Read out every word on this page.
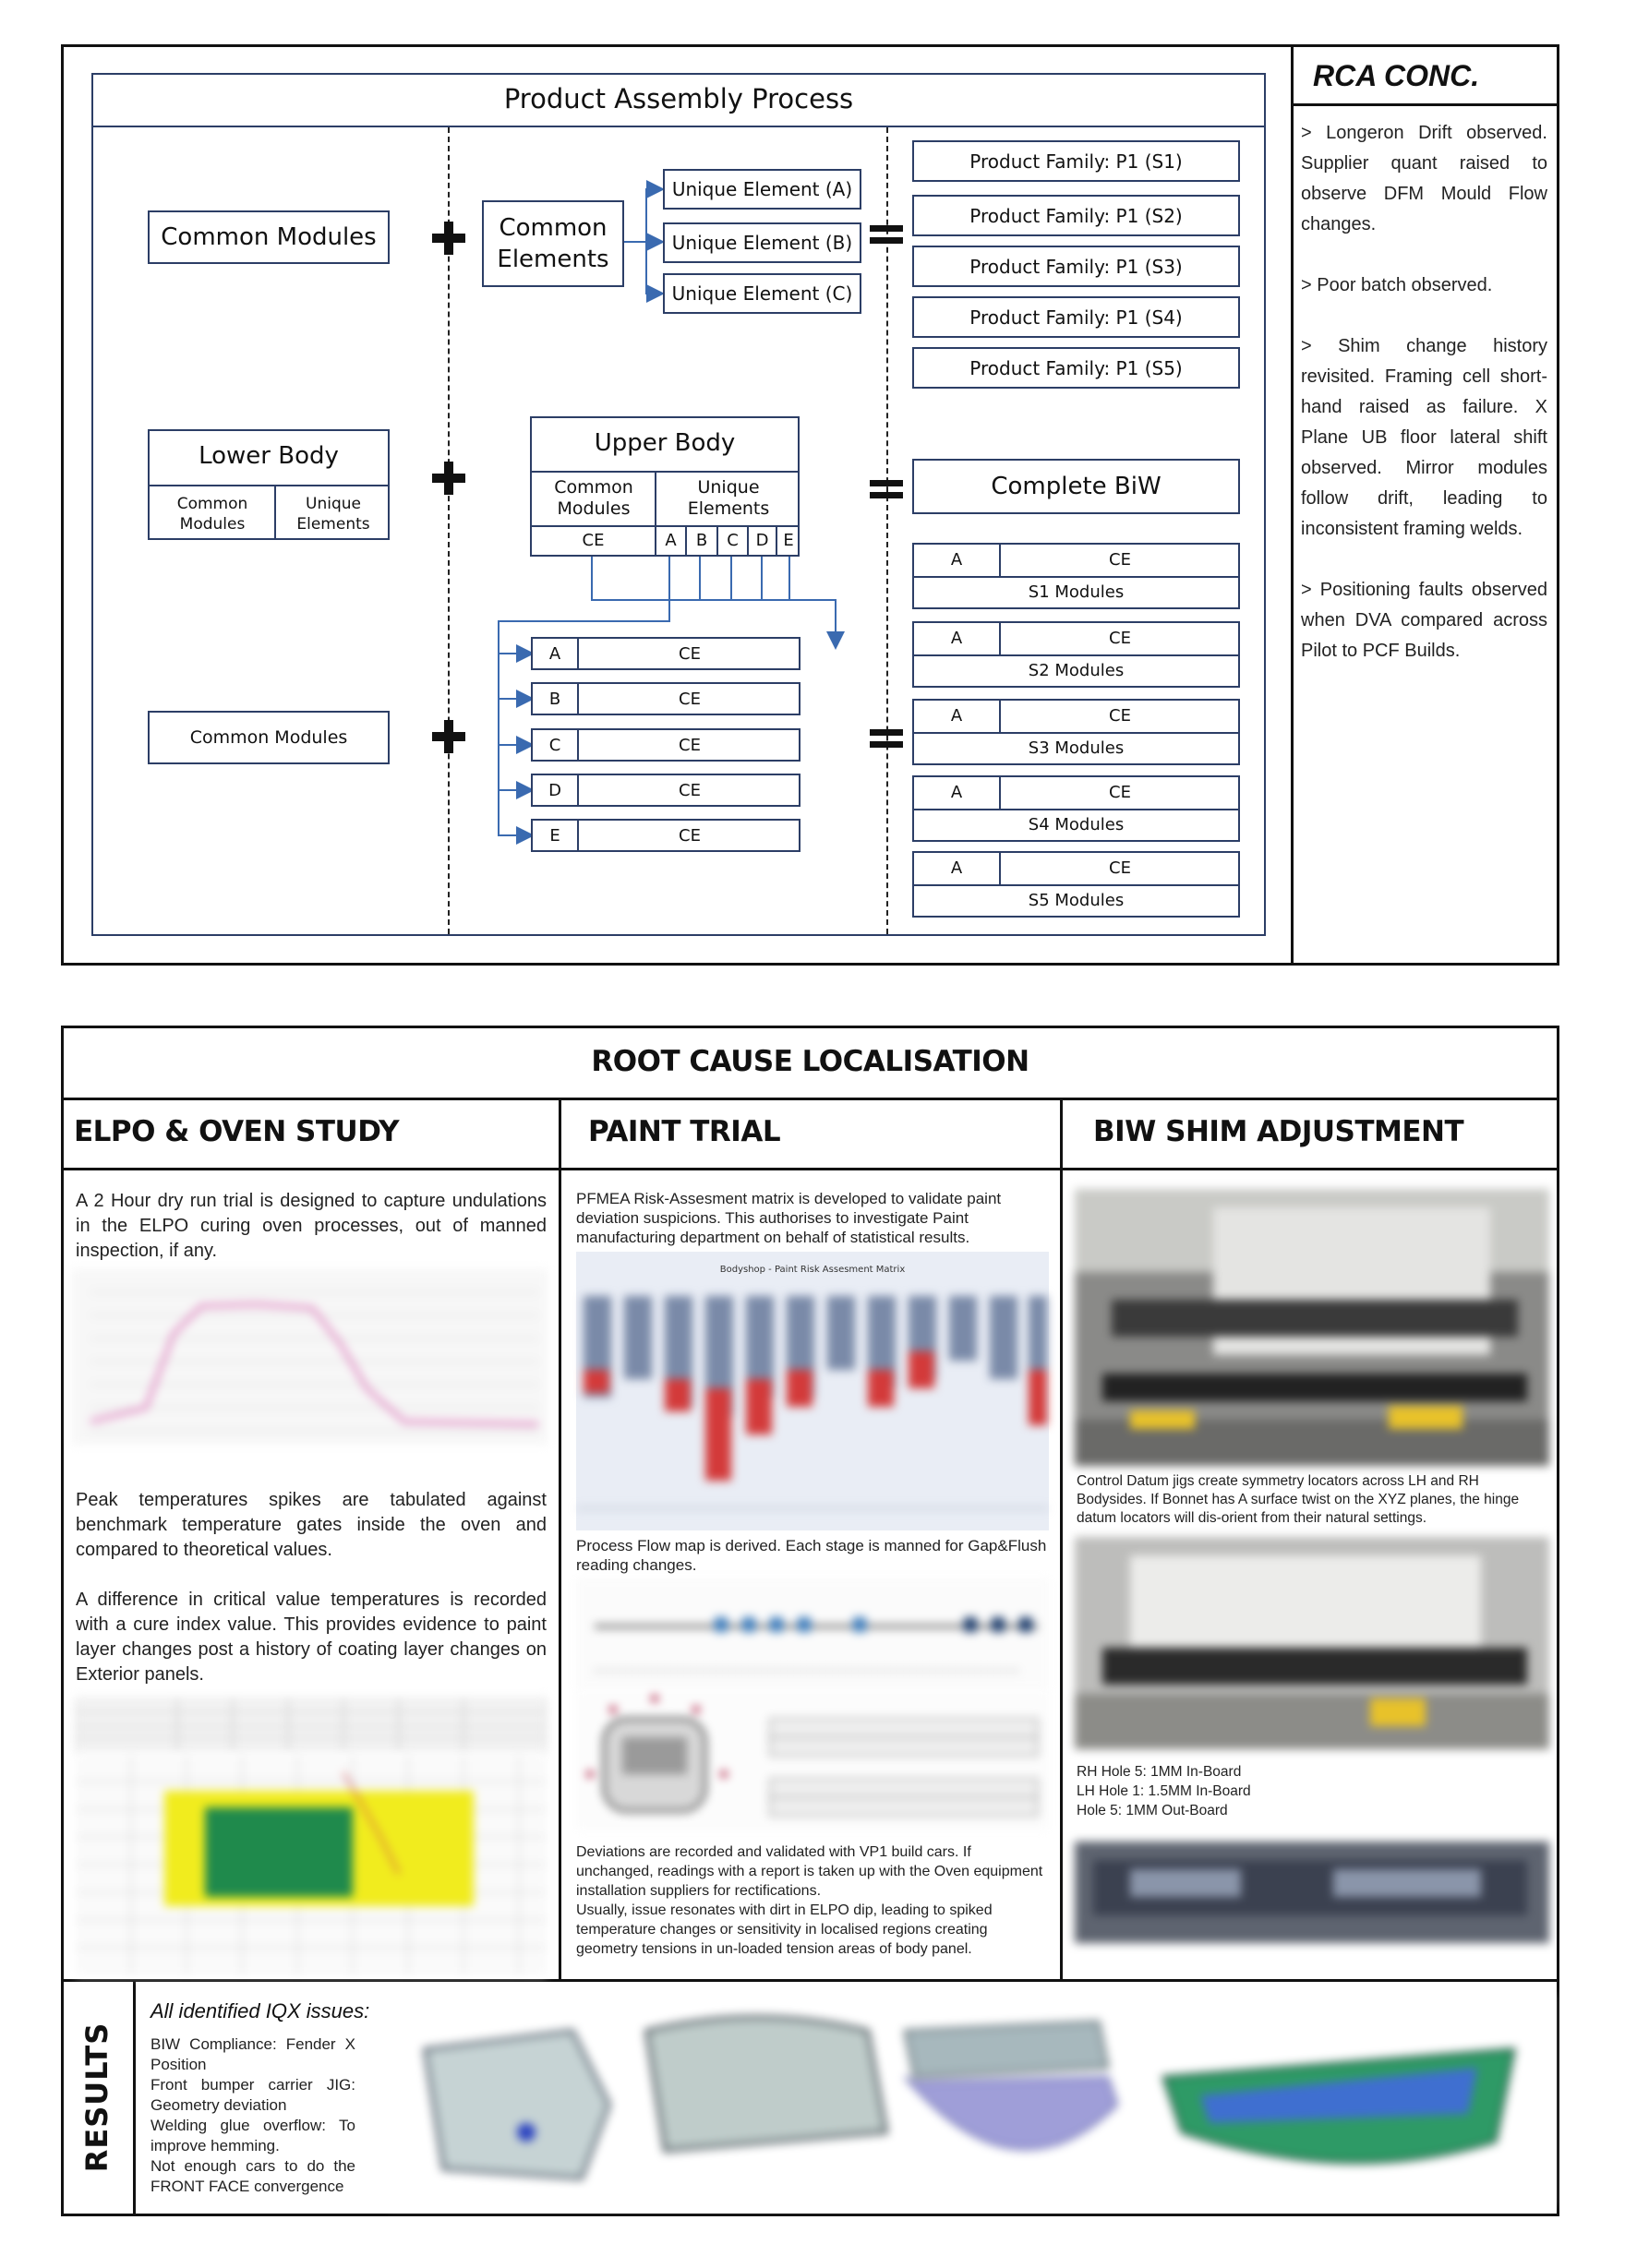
RCA CONC.

> Longeron Drift observed. Supplier quant raised to observe DFM Mould Flow changes.

> Poor batch observed.

> Shim change history revisited. Framing cell short-hand raised as failure. X Plane UB floor lateral shift observed. Mirror modules follow drift, leading to inconsistent framing welds.

> Positioning faults observed when DVA compared across Pilot to PCF Builds.

Product Assembly Process
Common Modules	Common Elements
Unique Element (A)
Unique Element (B)
Unique Element (C)
Product Family: P1 (S1)
Product Family: P1 (S2)
Product Family: P1 (S3)
Product Family: P1 (S4)
Product Family: P1 (S5)
Lower Body
Common Modules
Unique Elements
Upper Body
Common Modules
Unique Elements
CE	A	B	C	D E
Complete BiW
Common Modules
A	CE
B	CE
C	CE
D	CE
E	CE
A	CE
S1 Modules
A	CE
S2 Modules
A	CE
S3 Modules
A	CE
S4 Modules
A	CE
S5 Modules
ROOT CAUSE LOCALISATION
ELPO & OVEN STUDY	PAINT TRIAL	BIW SHIM ADJUSTMENT
A 2 Hour dry run trial is designed to capture undulations in the ELPO curing oven processes, out of manned inspection, if any.
Peak temperatures spikes are tabulated against benchmark temperature gates inside the oven and compared to theoretical values.
A difference in critical value temperatures is recorded with a cure index value. This provides evidence to paint layer changes post a history of coating layer changes on Exterior panels.
PFMEA Risk-Assesment matrix is developed to validate paint deviation suspicions. This authorises to investigate Paint manufacturing department on behalf of statistical results.
Bodyshop - Paint Risk Assesment Matrix
Process Flow map is derived. Each stage is manned for Gap&Flush reading changes.
Deviations are recorded and validated with VP1 build cars. If unchanged, readings with a report is taken up with the Oven equipment installation suppliers for rectifications.
Usually, issue resonates with dirt in ELPO dip, leading to spiked temperature changes or sensitivity in localised regions creating geometry tensions in un-loaded tension areas of body panel.
Control Datum jigs create symmetry locators across LH and RH Bodysides. If Bonnet has A surface twist on the XYZ planes, the hinge datum locators will dis-orient from their natural settings.
RH Hole 5: 1MM In-Board
LH Hole 1: 1.5MM In-Board
Hole 5: 1MM Out-Board
RESULTS
All identified IQX issues:
BIW Compliance: Fender X Position
Front bumper carrier JIG: Geometry deviation
Welding glue overflow: To improve hemming.
Not enough cars to do the FRONT FACE convergence
